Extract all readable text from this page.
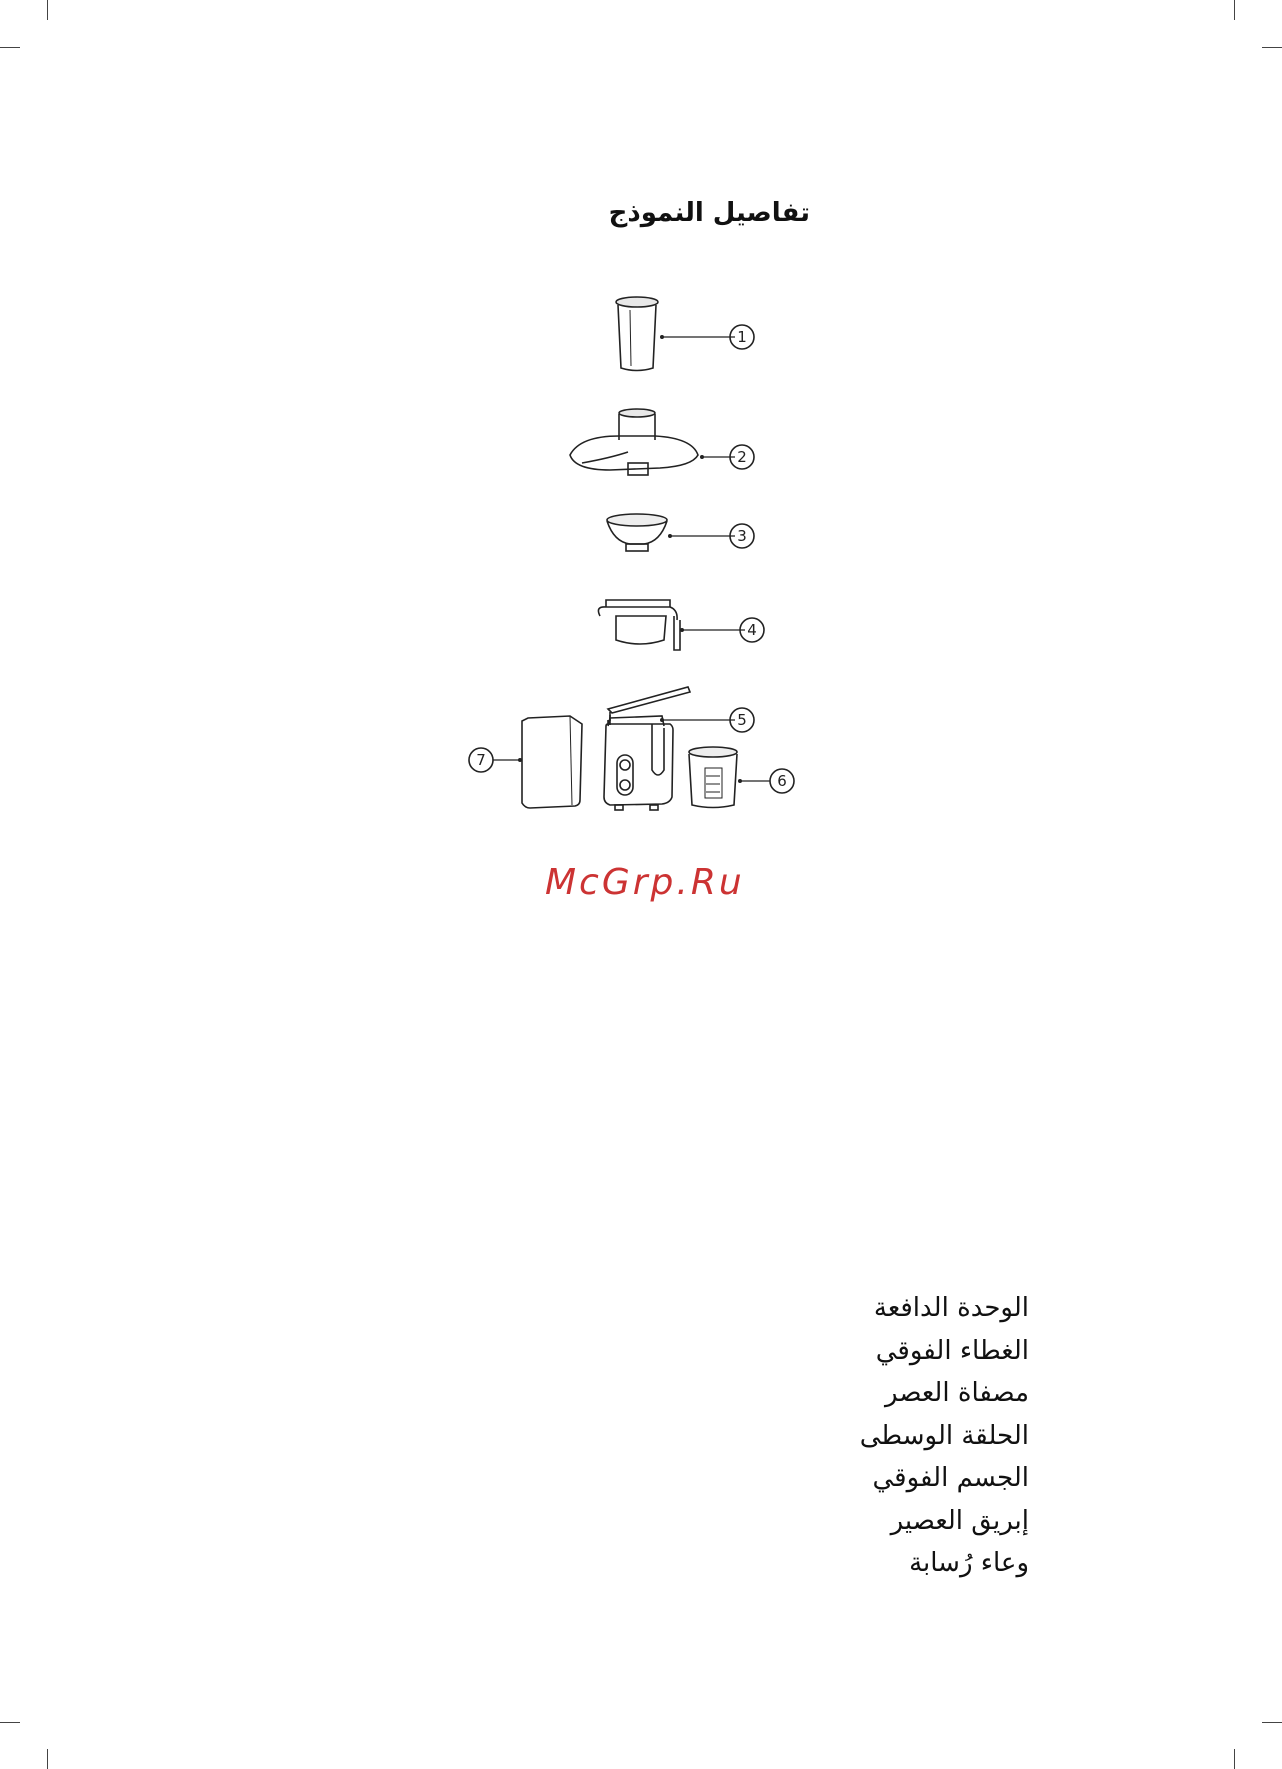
تفاصيل النموذج
1
2
3
4
7
5
6
McGrp.Ru
الوحدة الدافعة
الغطاء الفوقي
مصفاة العصر
الحلقة الوسطى
الجسم الفوقي
إبريق العصير
وعاء رُسابة
